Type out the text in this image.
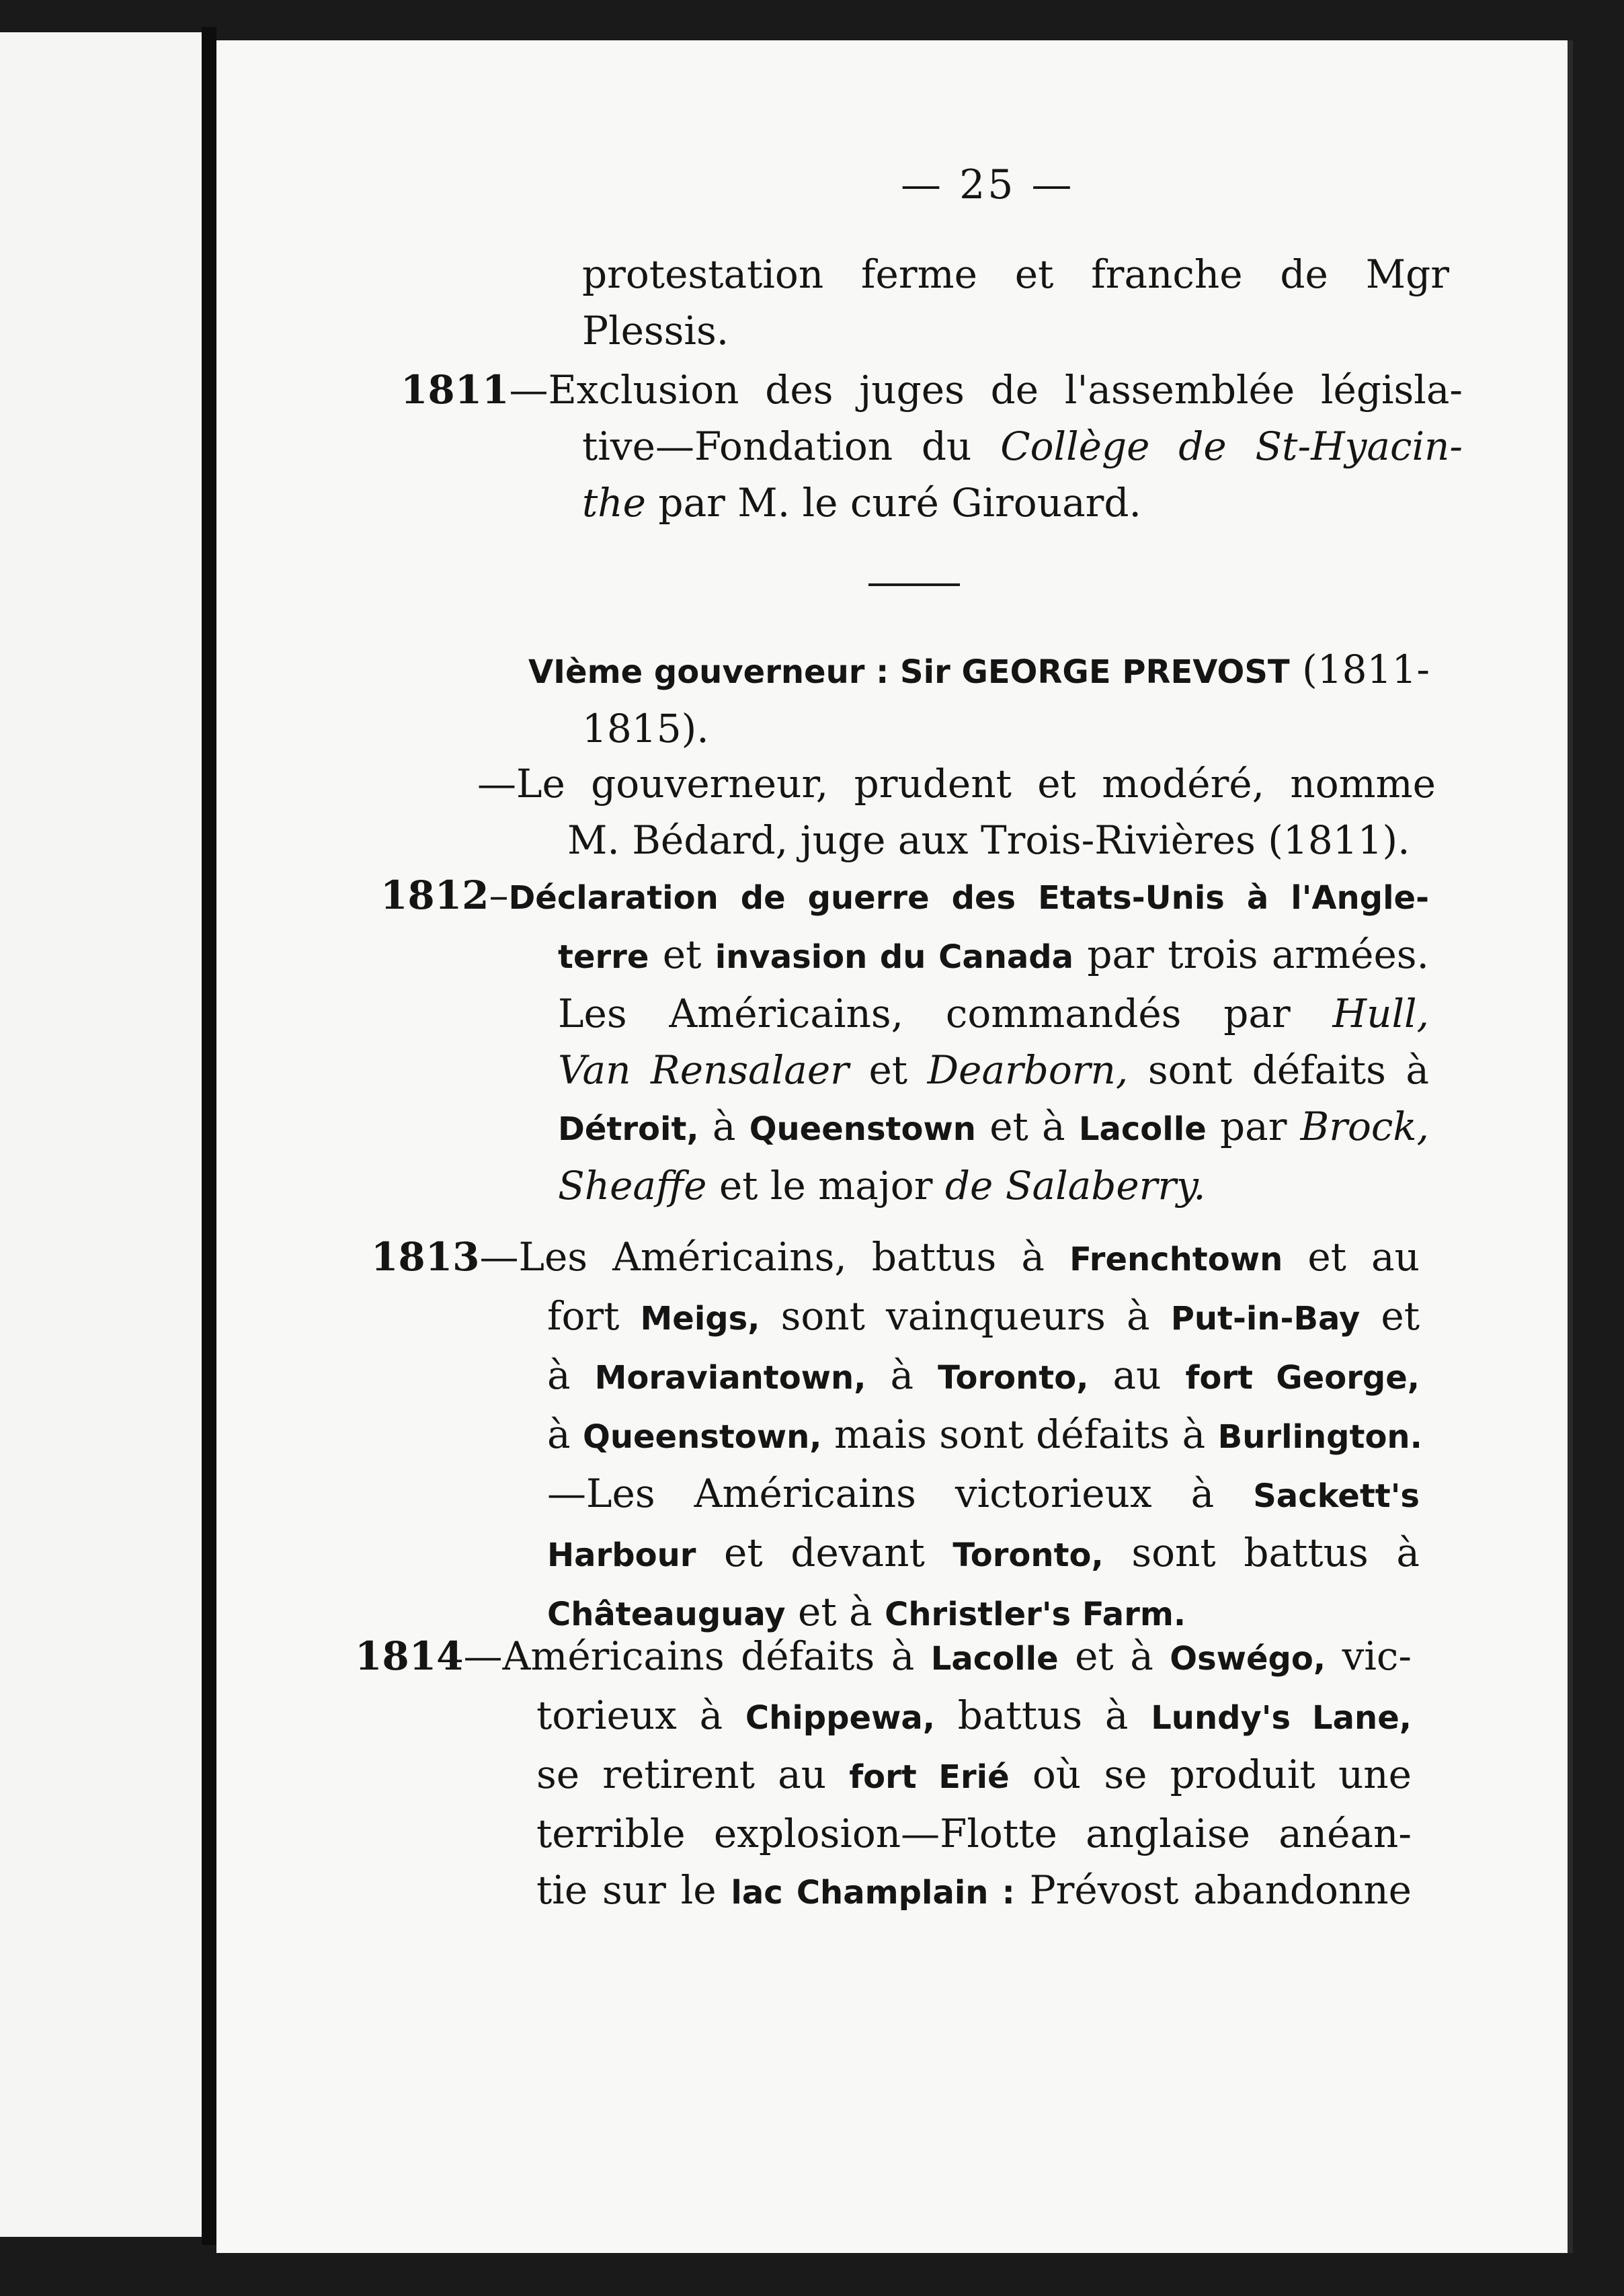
— 25 —

protestation ferme et franche de Mgr
Plessis.
1811—Exclusion des juges de l'assemblée législa-
tive—Fondation du Collège de St-Hyacin-
the par M. le curé Girouard.
VIème gouverneur : Sir GEORGE PREVOST (1811-
1815).
—Le gouverneur, prudent et modéré, nomme
M. Bédard, juge aux Trois-Rivières (1811).
1812–Déclaration de guerre des Etats-Unis à l'Angle-
terre et invasion du Canada par trois armées.
Les Américains, commandés par Hull,
Van Rensalaer et Dearborn, sont défaits à
Détroit, à Queenstown et à Lacolle par Brock,
Sheaffe et le major de Salaberry.
1813—Les Américains, battus à Frenchtown et au
fort Meigs, sont vainqueurs à Put-in-Bay et
à Moraviantown, à Toronto, au fort George,
à Queenstown, mais sont défaits à Burlington.
—Les Américains victorieux à Sackett's
Harbour et devant Toronto, sont battus à
Châteauguay et à Christler's Farm.
1814—Américains défaits à Lacolle et à Oswégo, vic-
torieux à Chippewa, battus à Lundy's Lane,
se retirent au fort Erié où se produit une
terrible explosion—Flotte anglaise anéan-
tie sur le lac Champlain : Prévost abandonne
